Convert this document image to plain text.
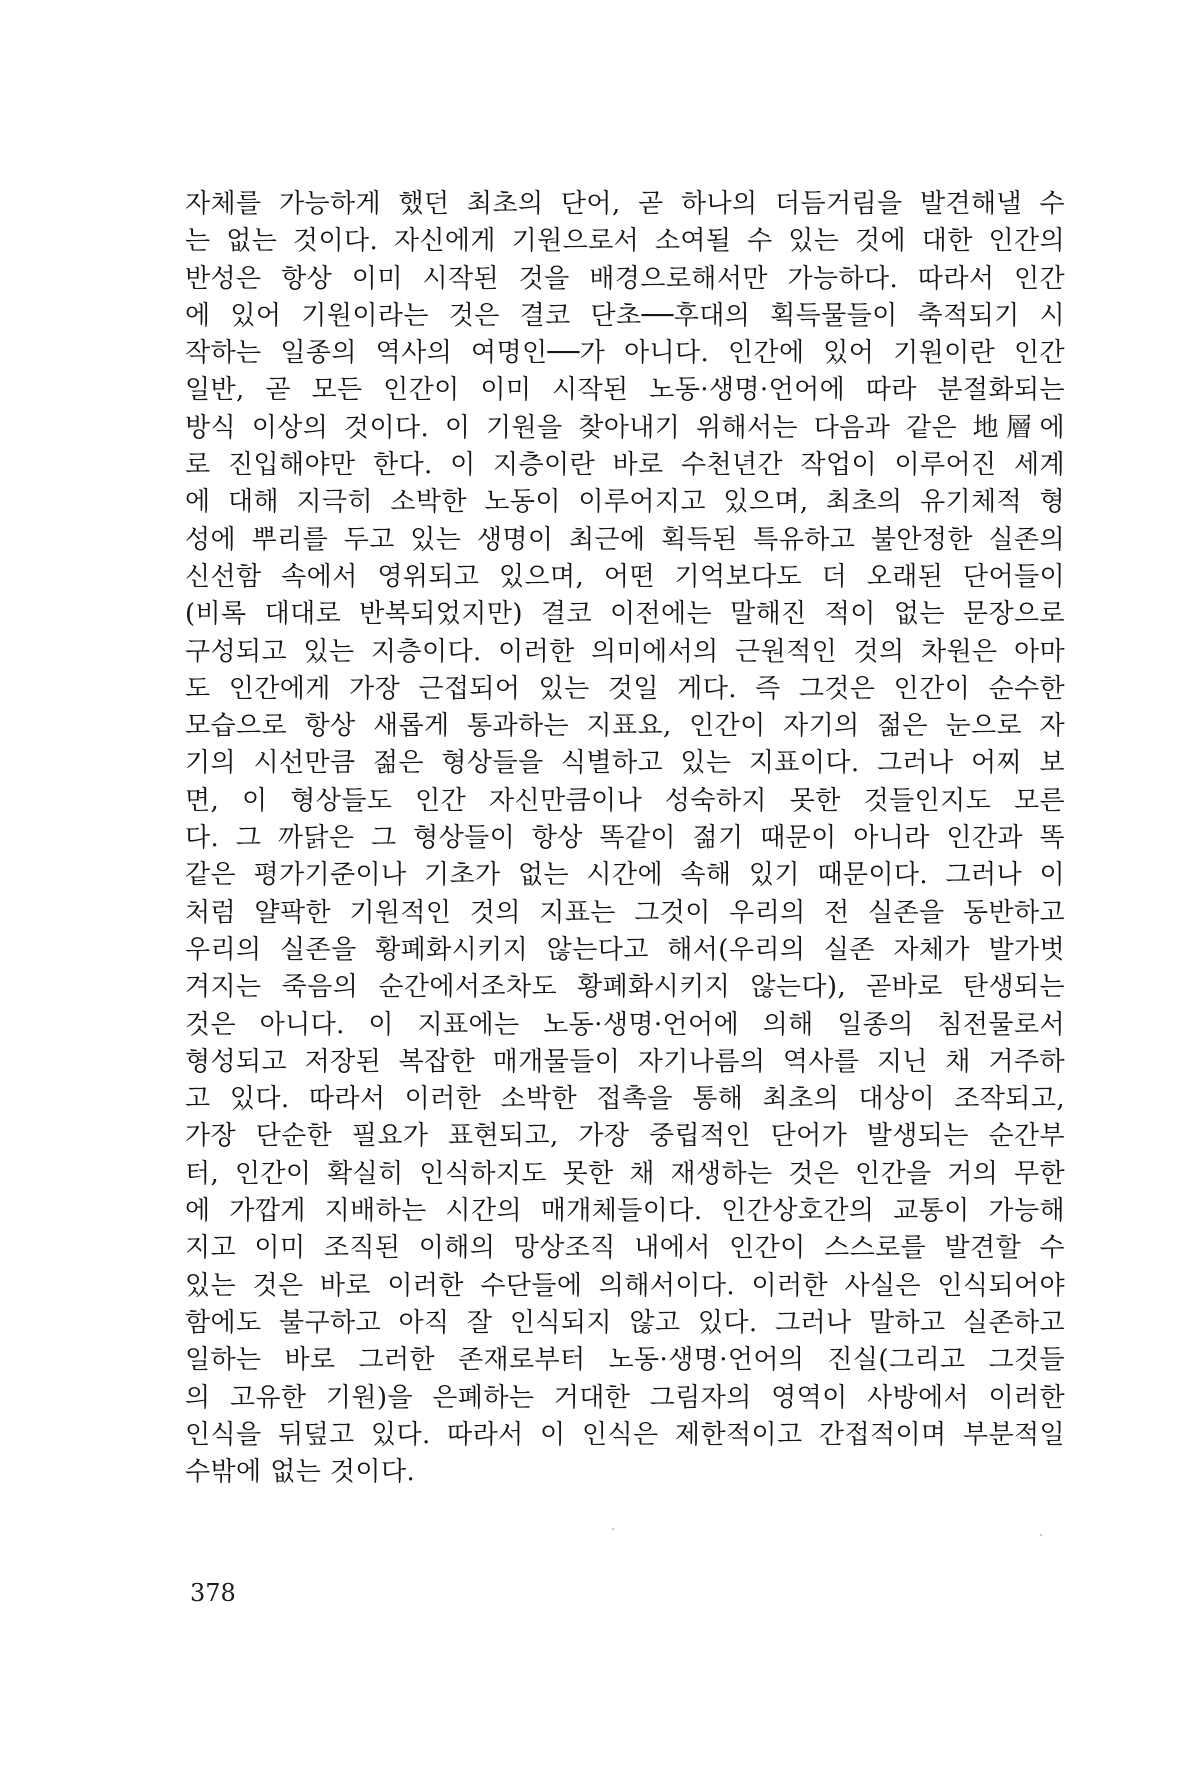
자체를 가능하게 했던 최초의 단어, 곧 하나의 더듬거림을 발견해낼 수
는 없는 것이다. 자신에게 기원으로서 소여될 수 있는 것에 대한 인간의
반성은 항상 이미 시작된 것을 배경으로해서만 가능하다. 따라서 인간
에 있어 기원이라는 것은 결코 단초──후대의 획득물들이 축적되기 시
작하는 일종의 역사의 여명인──가 아니다. 인간에 있어 기원이란 인간
일반, 곧 모든 인간이 이미 시작된 노동·생명·언어에 따라 분절화되는
방식 이상의 것이다. 이 기원을 찾아내기 위해서는 다음과 같은 地層에
로 진입해야만 한다. 이 지층이란 바로 수천년간 작업이 이루어진 세계
에 대해 지극히 소박한 노동이 이루어지고 있으며, 최초의 유기체적 형
성에 뿌리를 두고 있는 생명이 최근에 획득된 특유하고 불안정한 실존의
신선함 속에서 영위되고 있으며, 어떤 기억보다도 더 오래된 단어들이
(비록 대대로 반복되었지만) 결코 이전에는 말해진 적이 없는 문장으로
구성되고 있는 지층이다. 이러한 의미에서의 근원적인 것의 차원은 아마
도 인간에게 가장 근접되어 있는 것일 게다. 즉 그것은 인간이 순수한
모습으로 항상 새롭게 통과하는 지표요, 인간이 자기의 젊은 눈으로 자
기의 시선만큼 젊은 형상들을 식별하고 있는 지표이다. 그러나 어찌 보
면, 이 형상들도 인간 자신만큼이나 성숙하지 못한 것들인지도 모른
다. 그 까닭은 그 형상들이 항상 똑같이 젊기 때문이 아니라 인간과 똑
같은 평가기준이나 기초가 없는 시간에 속해 있기 때문이다. 그러나 이
처럼 얄팍한 기원적인 것의 지표는 그것이 우리의 전 실존을 동반하고
우리의 실존을 황폐화시키지 않는다고 해서(우리의 실존 자체가 발가벗
겨지는 죽음의 순간에서조차도 황폐화시키지 않는다), 곧바로 탄생되는
것은 아니다. 이 지표에는 노동·생명·언어에 의해 일종의 침전물로서
형성되고 저장된 복잡한 매개물들이 자기나름의 역사를 지닌 채 거주하
고 있다. 따라서 이러한 소박한 접촉을 통해 최초의 대상이 조작되고,
가장 단순한 필요가 표현되고, 가장 중립적인 단어가 발생되는 순간부
터, 인간이 확실히 인식하지도 못한 채 재생하는 것은 인간을 거의 무한
에 가깝게 지배하는 시간의 매개체들이다. 인간상호간의 교통이 가능해
지고 이미 조직된 이해의 망상조직 내에서 인간이 스스로를 발견할 수
있는 것은 바로 이러한 수단들에 의해서이다. 이러한 사실은 인식되어야
함에도 불구하고 아직 잘 인식되지 않고 있다. 그러나 말하고 실존하고
일하는 바로 그러한 존재로부터 노동·생명·언어의 진실(그리고 그것들
의 고유한 기원)을 은폐하는 거대한 그림자의 영역이 사방에서 이러한
인식을 뒤덮고 있다. 따라서 이 인식은 제한적이고 간접적이며 부분적일
수밖에 없는 것이다.
378
